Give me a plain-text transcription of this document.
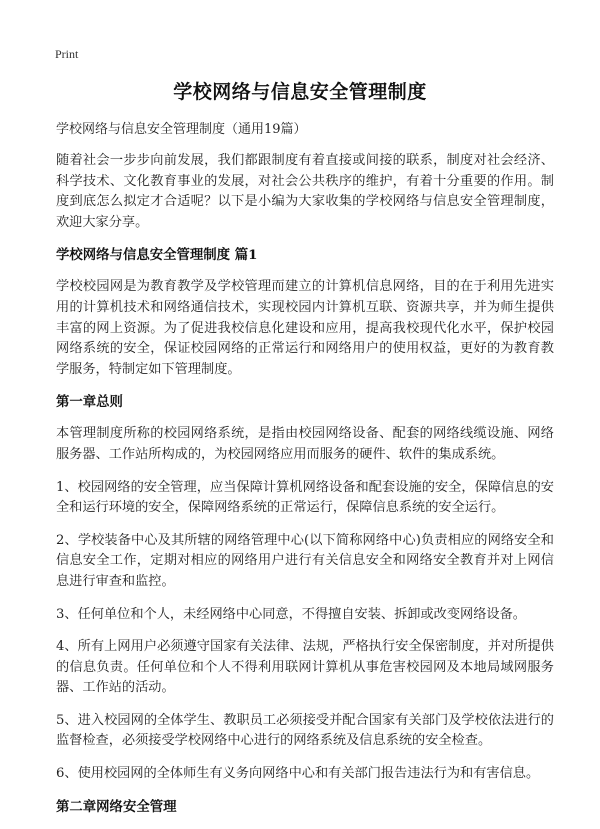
Print
学校网络与信息安全管理制度

学校网络与信息安全管理制度（通用19篇）

随着社会一步步向前发展，我们都跟制度有着直接或间接的联系，制度对社会经济、科学技术、文化教育事业的发展，对社会公共秩序的维护，有着十分重要的作用。制度到底怎么拟定才合适呢？以下是小编为大家收集的学校网络与信息安全管理制度，欢迎大家分享。

学校网络与信息安全管理制度 篇1

学校校园网是为教育教学及学校管理而建立的计算机信息网络，目的在于利用先进实用的计算机技术和网络通信技术，实现校园内计算机互联、资源共享，并为师生提供丰富的网上资源。为了促进我校信息化建设和应用，提高我校现代化水平，保护校园网络系统的安全，保证校园网络的正常运行和网络用户的使用权益，更好的为教育教学服务，特制定如下管理制度。

第一章总则

本管理制度所称的校园网络系统，是指由校园网络设备、配套的网络线缆设施、网络服务器、工作站所构成的，为校园网络应用而服务的硬件、软件的集成系统。

1、校园网络的安全管理，应当保障计算机网络设备和配套设施的安全，保障信息的安全和运行环境的安全，保障网络系统的正常运行，保障信息系统的安全运行。

2、学校装备中心及其所辖的网络管理中心(以下简称网络中心)负责相应的网络安全和信息安全工作，定期对相应的网络用户进行有关信息安全和网络安全教育并对上网信息进行审查和监控。

3、任何单位和个人，未经网络中心同意，不得擅自安装、拆卸或改变网络设备。

4、所有上网用户必须遵守国家有关法律、法规，严格执行安全保密制度，并对所提供的信息负责。任何单位和个人不得利用联网计算机从事危害校园网及本地局域网服务器、工作站的活动。

5、进入校园网的全体学生、教职员工必须接受并配合国家有关部门及学校依法进行的监督检查，必须接受学校网络中心进行的网络系统及信息系统的安全检查。

6、使用校园网的全体师生有义务向网络中心和有关部门报告违法行为和有害信息。

第二章网络安全管理
